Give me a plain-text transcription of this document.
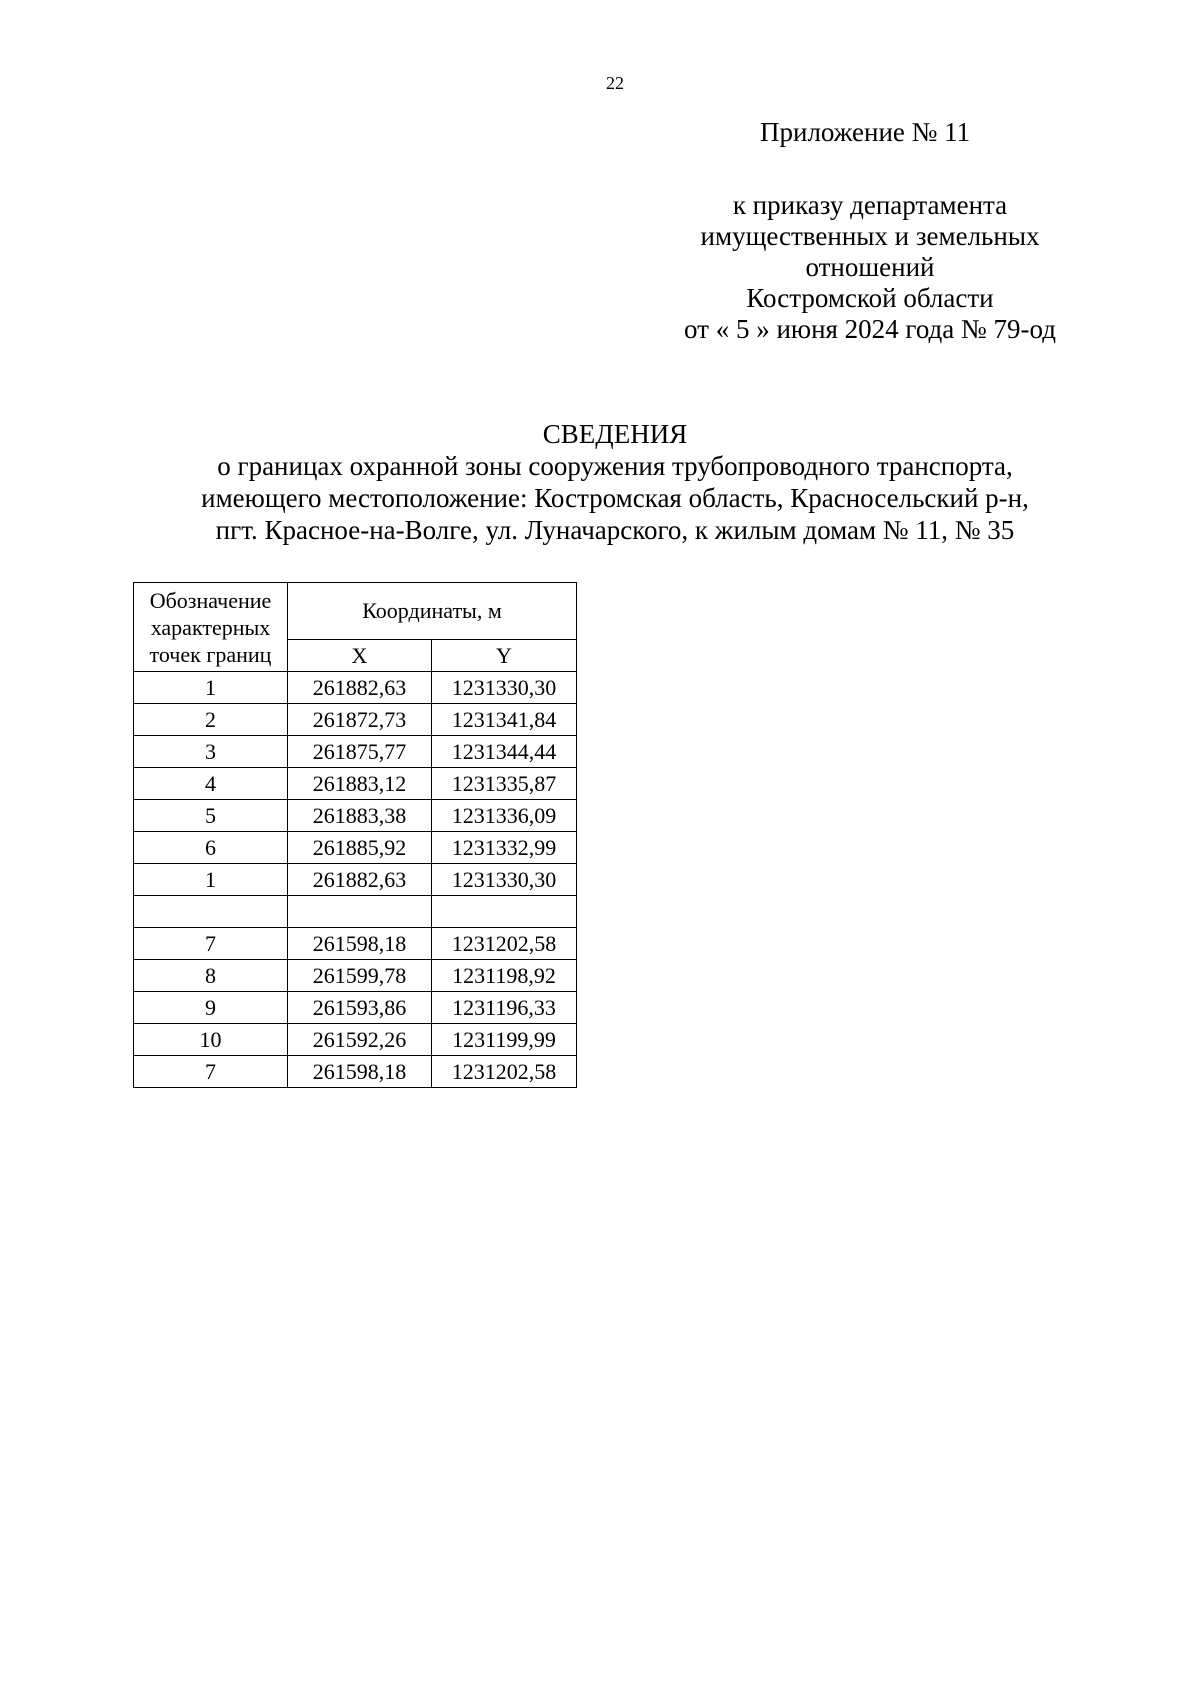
22
Приложение № 11
к приказу департамента
имущественных и земельных
отношений
Костромской области
от « 5 » июня 2024 года № 79-од
СВЕДЕНИЯ
о границах охранной зоны сооружения трубопроводного транспорта,
имеющего местоположение: Костромская область, Красносельский р-н,
пгт. Красное-на-Волге, ул. Луначарского, к жилым домам № 11, № 35
Обозначение характерных точек границ	Координаты, м	
	X	Y
1	261882,63	1231330,30
2	261872,73	1231341,84
3	261875,77	1231344,44
4	261883,12	1231335,87
5	261883,38	1231336,09
6	261885,92	1231332,99
1	261882,63	1231330,30

7	261598,18	1231202,58
8	261599,78	1231198,92
9	261593,86	1231196,33
10	261592,26	1231199,99
7	261598,18	1231202,58
